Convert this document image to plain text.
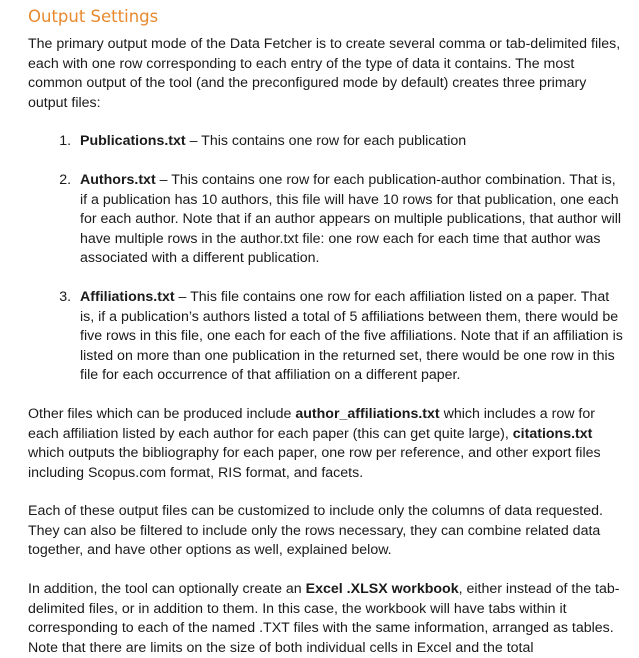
Output Settings

The primary output mode of the Data Fetcher is to create several comma or tab-delimited files, each with one row corresponding to each entry of the type of data it contains. The most common output of the tool (and the preconfigured mode by default) creates three primary output files:

1. Publications.txt – This contains one row for each publication
2. Authors.txt – This contains one row for each publication-author combination. That is, if a publication has 10 authors, this file will have 10 rows for that publication, one each for each author. Note that if an author appears on multiple publications, that author will have multiple rows in the author.txt file: one row each for each time that author was associated with a different publication.
3. Affiliations.txt – This file contains one row for each affiliation listed on a paper. That is, if a publication’s authors listed a total of 5 affiliations between them, there would be five rows in this file, one each for each of the five affiliations. Note that if an affiliation is listed on more than one publication in the returned set, there would be one row in this file for each occurrence of that affiliation on a different paper.

Other files which can be produced include author_affiliations.txt which includes a row for each affiliation listed by each author for each paper (this can get quite large), citations.txt which outputs the bibliography for each paper, one row per reference, and other export files including Scopus.com format, RIS format, and facets.

Each of these output files can be customized to include only the columns of data requested. They can also be filtered to include only the rows necessary, they can combine related data together, and have other options as well, explained below.

In addition, the tool can optionally create an Excel .XLSX workbook, either instead of the tab-delimited files, or in addition to them. In this case, the workbook will have tabs within it corresponding to each of the named .TXT files with the same information, arranged as tables. Note that there are limits on the size of both individual cells in Excel and the total
